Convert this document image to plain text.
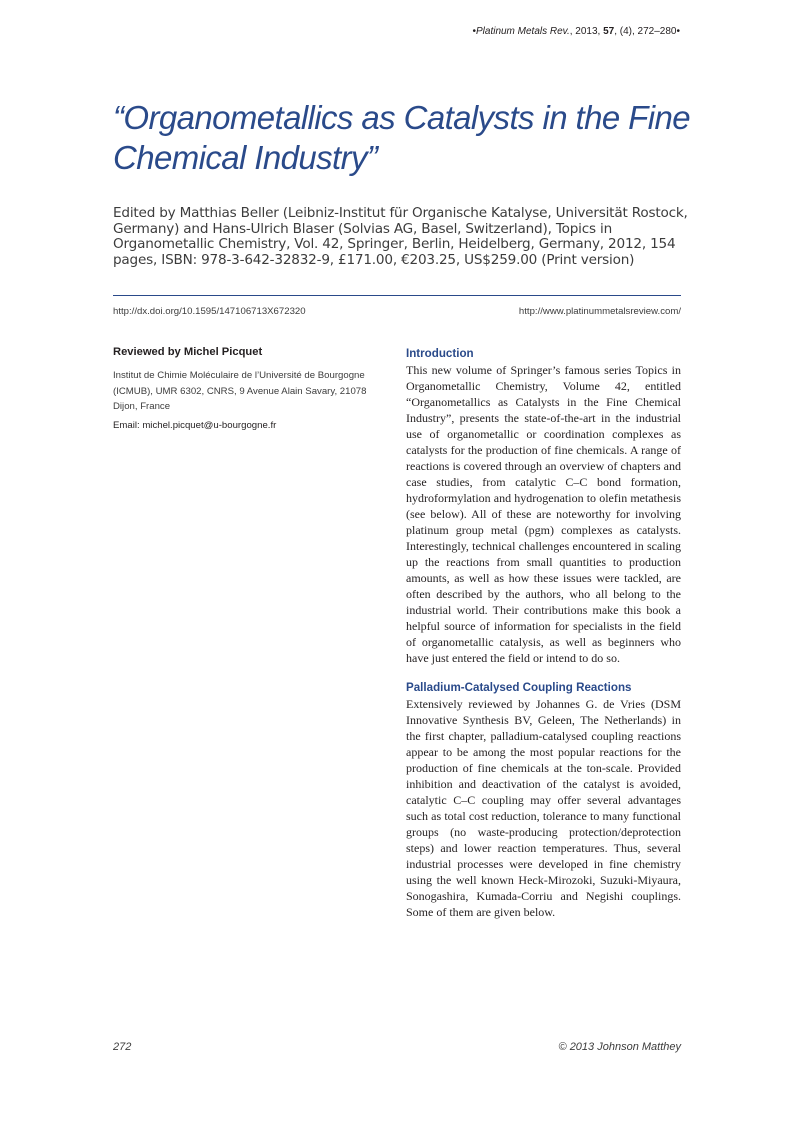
•Platinum Metals Rev., 2013, 57, (4), 272–280•
“Organometallics as Catalysts in the Fine Chemical Industry”
Edited by Matthias Beller (Leibniz-Institut für Organische Katalyse, Universität Rostock, Germany) and Hans-Ulrich Blaser (Solvias AG, Basel, Switzerland), Topics in Organometallic Chemistry, Vol. 42, Springer, Berlin, Heidelberg, Germany, 2012, 154 pages, ISBN: 978-3-642-32832-9, £171.00, €203.25, US$259.00 (Print version)
http://dx.doi.org/10.1595/147106713X672320	http://www.platinummetalsreview.com/

Reviewed by Michel Picquet

Institut de Chimie Moléculaire de l’Université de Bourgogne (ICMUB), UMR 6302, CNRS, 9 Avenue Alain Savary, 21078 Dijon, France

Email: michel.picquet@u-bourgogne.fr

Introduction

This new volume of Springer’s famous series Topics in Organometallic Chemistry, Volume 42, entitled “Organometallics as Catalysts in the Fine Chemical Industry”, presents the state-of-the-art in the industrial use of organometallic or coordination complexes as catalysts for the production of fine chemicals. A range of reactions is covered through an overview of chapters and case studies, from catalytic C–C bond formation, hydroformylation and hydrogenation to olefin metathesis (see below). All of these are noteworthy for involving platinum group metal (pgm) complexes as catalysts. Interestingly, technical challenges encountered in scaling up the reactions from small quantities to production amounts, as well as how these issues were tackled, are often described by the authors, who all belong to the industrial world. Their contributions make this book a helpful source of information for specialists in the field of organometallic catalysis, as well as beginners who have just entered the field or intend to do so.

Palladium-Catalysed Coupling Reactions

Extensively reviewed by Johannes G. de Vries (DSM Innovative Synthesis BV, Geleen, The Netherlands) in the first chapter, palladium-catalysed coupling reactions appear to be among the most popular reactions for the production of fine chemicals at the ton-scale. Provided inhibition and deactivation of the catalyst is avoided, catalytic C–C coupling may offer several advantages such as total cost reduction, tolerance to many functional groups (no waste-producing protection/deprotection steps) and lower reaction temperatures. Thus, several industrial processes were developed in fine chemistry using the well known Heck-Mirozoki, Suzuki-Miyaura, Sonogashira, Kumada-Corriu and Negishi couplings. Some of them are given below.

272	© 2013 Johnson Matthey
